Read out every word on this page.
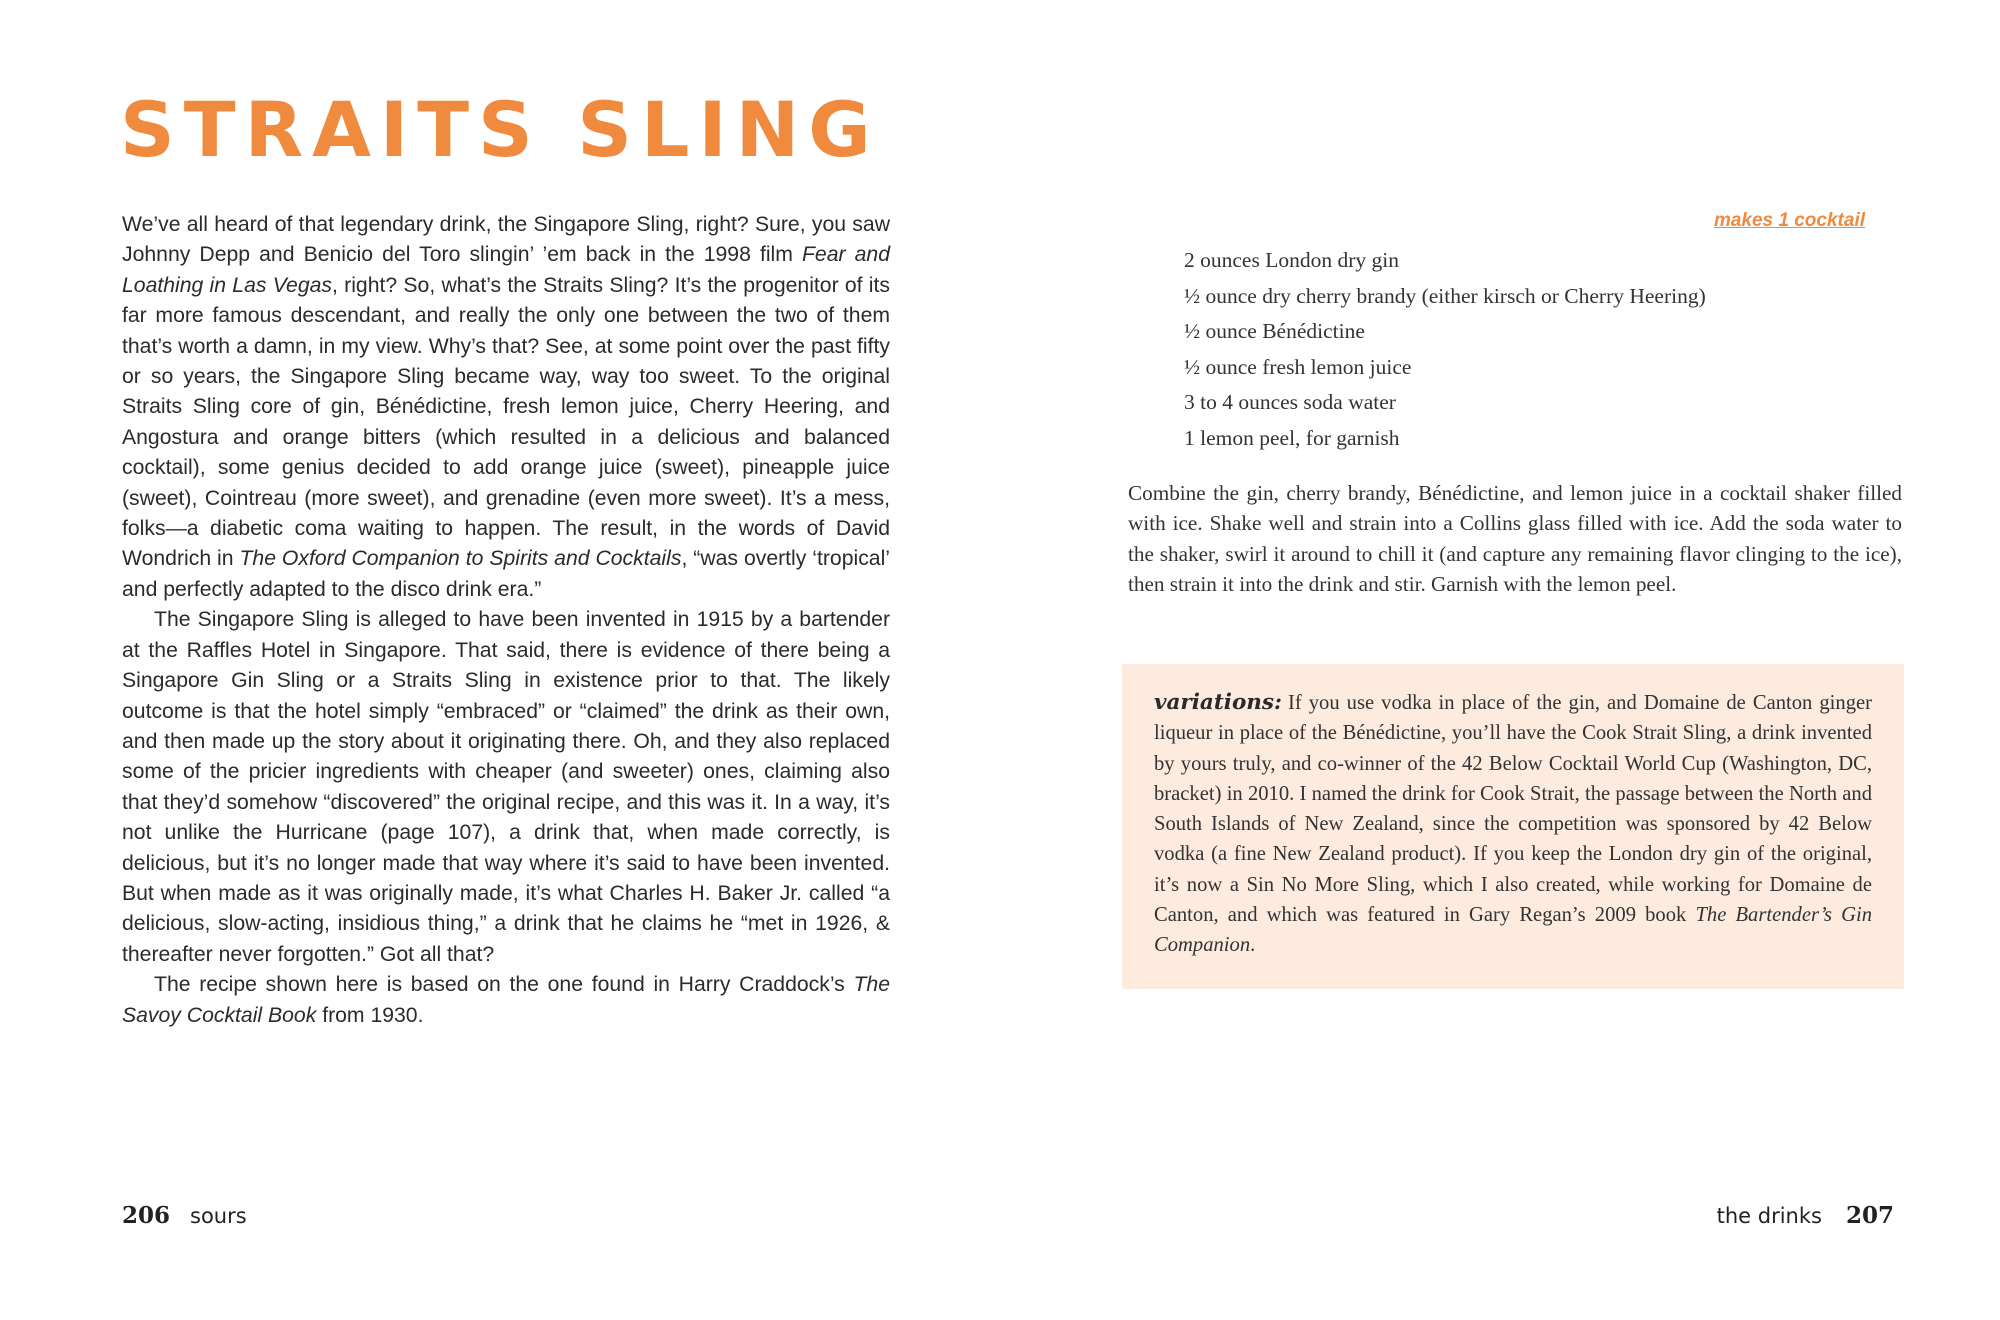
STRAITS SLING

We’ve all heard of that legendary drink, the Singapore Sling, right? Sure, you saw Johnny Depp and Benicio del Toro slingin’ ’em back in the 1998 film Fear and Loathing in Las Vegas, right? So, what’s the Straits Sling? It’s the progenitor of its far more famous descendant, and really the only one between the two of them that’s worth a damn, in my view. Why’s that? See, at some point over the past fifty or so years, the Singapore Sling became way, way too sweet. To the original Straits Sling core of gin, Bénédictine, fresh lemon juice, Cherry Heering, and Angostura and orange bitters (which resulted in a delicious and balanced cocktail), some genius decided to add orange juice (sweet), pineapple juice (sweet), Cointreau (more sweet), and grenadine (even more sweet). It’s a mess, folks—a diabetic coma waiting to happen. The result, in the words of David Wondrich in The Oxford Companion to Spirits and Cocktails, “was overtly ‘tropical’ and perfectly adapted to the disco drink era.”

The Singapore Sling is alleged to have been invented in 1915 by a bartender at the Raffles Hotel in Singapore. That said, there is evidence of there being a Singapore Gin Sling or a Straits Sling in existence prior to that. The likely outcome is that the hotel simply “embraced” or “claimed” the drink as their own, and then made up the story about it originating there. Oh, and they also replaced some of the pricier ingredients with cheaper (and sweeter) ones, claiming also that they’d somehow “discovered” the original recipe, and this was it. In a way, it’s not unlike the Hurricane (page 107), a drink that, when made correctly, is delicious, but it’s no longer made that way where it’s said to have been invented. But when made as it was originally made, it’s what Charles H. Baker Jr. called “a delicious, slow-acting, insidious thing,” a drink that he claims he “met in 1926, & thereafter never forgotten.” Got all that?

The recipe shown here is based on the one found in Harry Craddock’s The Savoy Cocktail Book from 1930.

206 sours

makes 1 cocktail

2 ounces London dry gin
½ ounce dry cherry brandy (either kirsch or Cherry Heering)
½ ounce Bénédictine
½ ounce fresh lemon juice
3 to 4 ounces soda water
1 lemon peel, for garnish

Combine the gin, cherry brandy, Bénédictine, and lemon juice in a cocktail shaker filled with ice. Shake well and strain into a Collins glass filled with ice. Add the soda water to the shaker, swirl it around to chill it (and capture any remaining flavor clinging to the ice), then strain it into the drink and stir. Garnish with the lemon peel.

variations: If you use vodka in place of the gin, and Domaine de Canton ginger liqueur in place of the Bénédictine, you’ll have the Cook Strait Sling, a drink invented by yours truly, and co-winner of the 42 Below Cocktail World Cup (Washington, DC, bracket) in 2010. I named the drink for Cook Strait, the passage between the North and South Islands of New Zealand, since the competition was sponsored by 42 Below vodka (a fine New Zealand product). If you keep the London dry gin of the original, it’s now a Sin No More Sling, which I also created, while working for Domaine de Canton, and which was featured in Gary Regan’s 2009 book The Bartender’s Gin Companion.

the drinks 207
